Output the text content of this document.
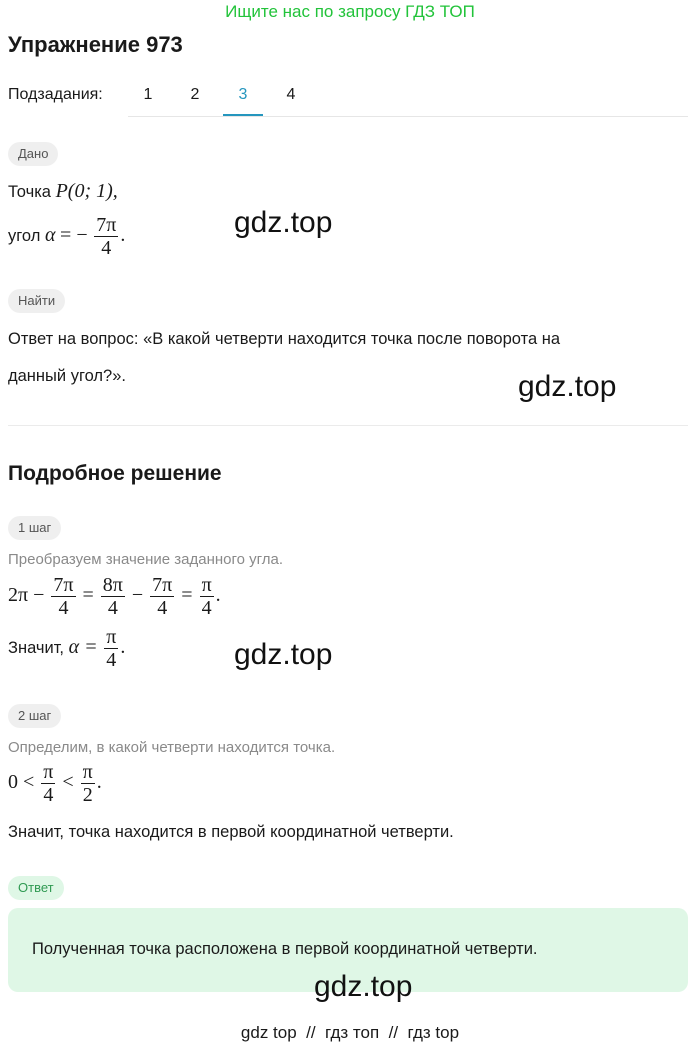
Ищите нас по запросу ГДЗ ТОП
Упражнение 973
Подзадания:	1	2	3	4
Дано
Точка P(0; 1),
угол α = − $\frac{7\pi}{4}$ .	gdz.top
Найти
Ответ на вопрос: «В какой четверти находится точка после поворота на
данный угол?».	gdz.top
Подробное решение
1 шаг
Преобразуем значение заданного угла.
$2\pi - \frac{7\pi}{4} = \frac{8\pi}{4} - \frac{7\pi}{4} = \frac{\pi}{4}$ .
Значит, $\alpha = \frac{\pi}{4}$ .	gdz.top
2 шаг
Определим, в какой четверти находится точка.
$0 < \frac{\pi}{4} < \frac{\pi}{2}$ .
Значит, точка находится в первой координатной четверти.
Ответ
Полученная точка расположена в первой координатной четверти.
gdz.top
gdz top // гдз топ // гдз top
